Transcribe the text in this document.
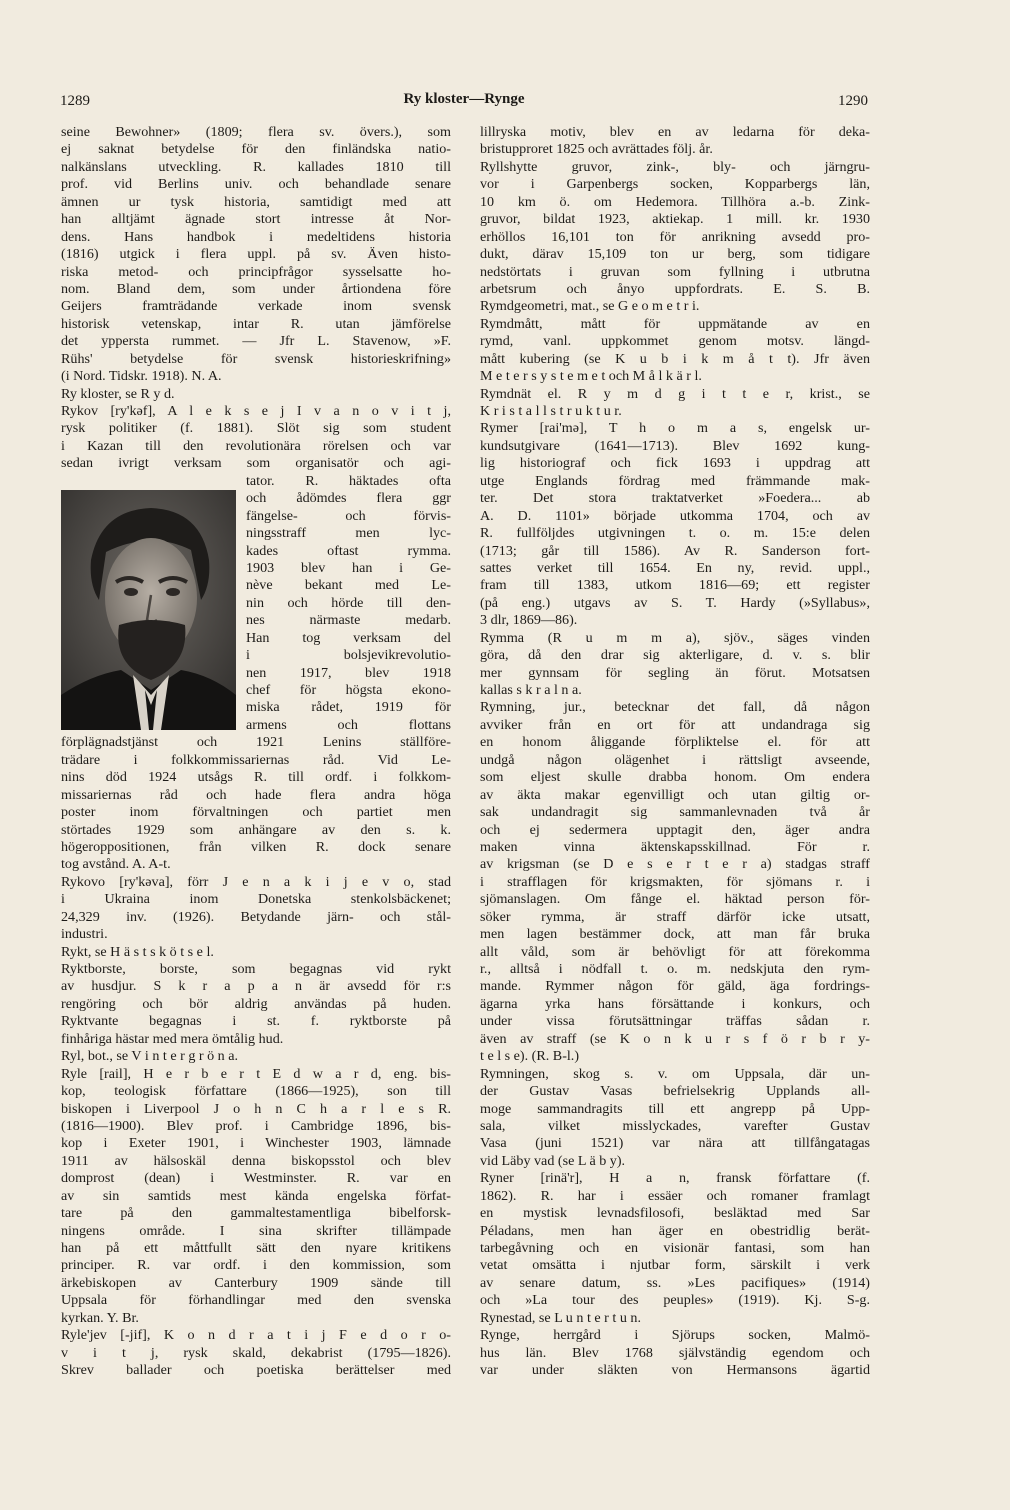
1289	Ry kloster—Rynge	1290
seine Bewohner» (1809; flera sv. övers.), som
ej saknat betydelse för den finländska natio-
nalkänslans utveckling. R. kallades 1810 till
prof. vid Berlins univ. och behandlade senare
ämnen ur tysk historia, samtidigt med att
han alltjämt ägnade stort intresse åt Nor-
dens. Hans handbok i medeltidens historia
(1816) utgick i flera uppl. på sv. Även histo-
riska metod- och principfrågor sysselsatte ho-
nom. Bland dem, som under årtiondena före
Geijers framträdande verkade inom svensk
historisk vetenskap, intar R. utan jämförelse
det yppersta rummet. — Jfr L. Stavenow, »F.
Rühs' betydelse för svensk historieskrifning»
(i Nord. Tidskr. 1918). N. A.
Ry kloster, se R y d.
Rykov [ry'kəf], A l e k s e j I v a n o v i t j,
rysk politiker (f. 1881). Slöt sig som student
i Kazan till den revolutionära rörelsen och var
sedan ivrigt verksam som organisatör och agi-
tator. R. häktades ofta
och ådömdes flera ggr
fängelse- och förvis-
ningsstraff men lyc-
kades oftast rymma.
1903 blev han i Ge-
nève bekant med Le-
nin och hörde till den-
nes närmaste medarb.
Han tog verksam del
i bolsjevikrevolutio-
nen 1917, blev 1918
chef för högsta ekono-
miska rådet, 1919 för
armens och flottans
förplägnadstjänst och 1921 Lenins ställföre-
trädare i folkkommissariernas råd. Vid Le-
nins död 1924 utsågs R. till ordf. i folkkom-
missariernas råd och hade flera andra höga
poster inom förvaltningen och partiet men
störtades 1929 som anhängare av den s. k.
högeroppositionen, från vilken R. dock senare
tog avstånd. A. A-t.
Rykovo [ry'kəva], förr J e n a k i j e v o, stad
i Ukraina inom Donetska stenkolsbäckenet;
24,329 inv. (1926). Betydande järn- och stål-
industri.
Rykt, se H ä s t s k ö t s e l.
Ryktborste, borste, som begagnas vid rykt
av husdjur. S k r a p a n är avsedd för r:s
rengöring och bör aldrig användas på huden.
Ryktvante begagnas i st. f. ryktborste på
finhåriga hästar med mera ömtålig hud.
Ryl, bot., se V i n t e r g r ö n a.
Ryle [rail], H e r b e r t E d w a r d, eng. bis-
kop, teologisk författare (1866—1925), son till
biskopen i Liverpool J o h n C h a r l e s R.
(1816—1900). Blev prof. i Cambridge 1896, bis-
kop i Exeter 1901, i Winchester 1903, lämnade
1911 av hälsoskäl denna biskopsstol och blev
domprost (dean) i Westminster. R. var en
av sin samtids mest kända engelska förfat-
tare på den gammaltestamentliga bibelforsk-
ningens område. I sina skrifter tillämpade
han på ett måttfullt sätt den nyare kritikens
principer. R. var ordf. i den kommission, som
ärkebiskopen av Canterbury 1909 sände till
Uppsala för förhandlingar med den svenska
kyrkan. Y. Br.
Ryle'jev [-jif], K o n d r a t i j F e d o r o-
v i t j, rysk skald, dekabrist (1795—1826).
Skrev ballader och poetiska berättelser med
lillryska motiv, blev en av ledarna för deka-
bristupproret 1825 och avrättades följ. år.
Ryllshytte gruvor, zink-, bly- och järngru-
vor i Garpenbergs socken, Kopparbergs län,
10 km ö. om Hedemora. Tillhöra a.-b. Zink-
gruvor, bildat 1923, aktiekap. 1 mill. kr. 1930
erhöllos 16,101 ton för anrikning avsedd pro-
dukt, därav 15,109 ton ur berg, som tidigare
nedstörtats i gruvan som fyllning i utbrutna
arbetsrum och ånyo uppfordrats. E. S. B.
Rymdgeometri, mat., se G e o m e t r i.
Rymdmått, mått för uppmätande av en
rymd, vanl. uppkommet genom motsv. längd-
mått kubering (se K u b i k m å t t). Jfr även
M e t e r s y s t e m e t och M å l k ä r l.
Rymdnät el. R y m d g i t t e r, krist., se
K r i s t a l l s t r u k t u r.
Rymer [rai'mə], T h o m a s, engelsk ur-
kundsutgivare (1641—1713). Blev 1692 kung-
lig historiograf och fick 1693 i uppdrag att
utge Englands fördrag med främmande mak-
ter. Det stora traktatverket »Foedera... ab
A. D. 1101» började utkomma 1704, och av
R. fullföljdes utgivningen t. o. m. 15:e delen
(1713; går till 1586). Av R. Sanderson fort-
sattes verket till 1654. En ny, revid. uppl.,
fram till 1383, utkom 1816—69; ett register
(på eng.) utgavs av S. T. Hardy (»Syllabus»,
3 dlr, 1869—86).
Rymma (R u m m a), sjöv., säges vinden
göra, då den drar sig akterligare, d. v. s. blir
mer gynnsam för segling än förut. Motsatsen
kallas s k r a l n a.
Rymning, jur., betecknar det fall, då någon
avviker från en ort för att undandraga sig
en honom åliggande förpliktelse el. för att
undgå någon olägenhet i rättsligt avseende,
som eljest skulle drabba honom. Om endera
av äkta makar egenvilligt och utan giltig or-
sak undandragit sig sammanlevnaden två år
och ej sedermera upptagit den, äger andra
maken vinna äktenskapsskillnad. För r.
av krigsman (se D e s e r t e r a) stadgas straff
i strafflagen för krigsmakten, för sjömans r. i
sjömanslagen. Om fånge el. häktad person för-
söker rymma, är straff därför icke utsatt,
men lagen bestämmer dock, att man får bruka
allt våld, som är behövligt för att förekomma
r., alltså i nödfall t. o. m. nedskjuta den rym-
mande. Rymmer någon för gäld, äga fordrings-
ägarna yrka hans försättande i konkurs, och
under vissa förutsättningar träffas sådan r.
även av straff (se K o n k u r s f ö r b r y-
t e l s e). (R. B-l.)
Rymningen, skog s. v. om Uppsala, där un-
der Gustav Vasas befrielsekrig Upplands all-
moge sammandragits till ett angrepp på Upp-
sala, vilket misslyckades, varefter Gustav
Vasa (juni 1521) var nära att tillfångatagas
vid Läby vad (se L ä b y).
Ryner [rinä'r], H a n, fransk författare (f.
1862). R. har i essäer och romaner framlagt
en mystisk levnadsfilosofi, besläktad med Sar
Péladans, men han äger en obestridlig berät-
tarbegåvning och en visionär fantasi, som han
vetat omsätta i njutbar form, särskilt i verk
av senare datum, ss. »Les pacifiques» (1914)
och »La tour des peuples» (1919). Kj. S-g.
Rynestad, se L u n t e r t u n.
Rynge, herrgård i Sjörups socken, Malmö-
hus län. Blev 1768 självständig egendom och
var under släkten von Hermansons ägartid
